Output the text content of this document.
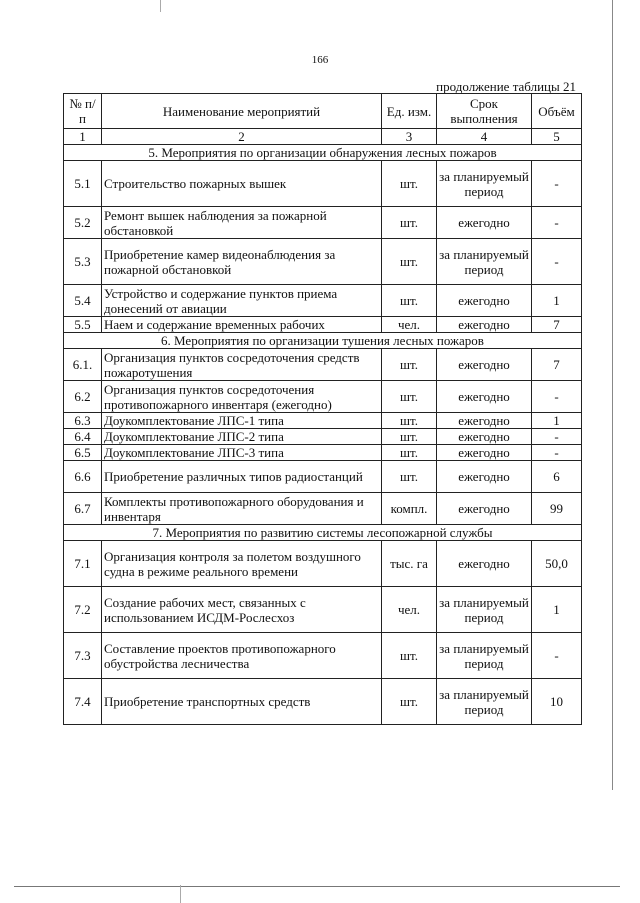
166
продолжение таблицы 21
№ п/п	Наименование мероприятий	Ед. изм.	Срок выполнения	Объём
1	2	3	4	5
5. Мероприятия по организации обнаружения лесных пожаров				
5.1	Строительство пожарных вышек	шт.	за планируемый период	-
5.2	Ремонт вышек наблюдения за пожарной обстановкой	шт.	ежегодно	-
5.3	Приобретение камер видеонаблюдения за пожарной обстановкой	шт.	за планируемый период	-
5.4	Устройство и содержание пунктов приема донесений от авиации	шт.	ежегодно	1
5.5	Наем и содержание временных рабочих	чел.	ежегодно	7
6. Мероприятия по организации тушения лесных пожаров				
6.1.	Организация пунктов сосредоточения средств пожаротушения	шт.	ежегодно	7
6.2	Организация пунктов сосредоточения противопожарного инвентаря (ежегодно)	шт.	ежегодно	-
6.3	Доукомплектование ЛПС-1 типа	шт.	ежегодно	1
6.4	Доукомплектование ЛПС-2 типа	шт.	ежегодно	-
6.5	Доукомплектование ЛПС-3 типа	шт.	ежегодно	-
6.6	Приобретение различных типов радиостанций	шт.	ежегодно	6
6.7	Комплекты противопожарного оборудования и инвентаря	компл.	ежегодно	99
7. Мероприятия по развитию системы лесопожарной службы				
7.1	Организация контроля за полетом воздушного судна в режиме реального времени	тыс. га	ежегодно	50,0
7.2	Создание рабочих мест, связанных с использованием ИСДМ-Рослесхоз	чел.	за планируемый период	1
7.3	Составление проектов противопожарного обустройства лесничества	шт.	за планируемый период	-
7.4	Приобретение транспортных средств	шт.	за планируемый период	10
